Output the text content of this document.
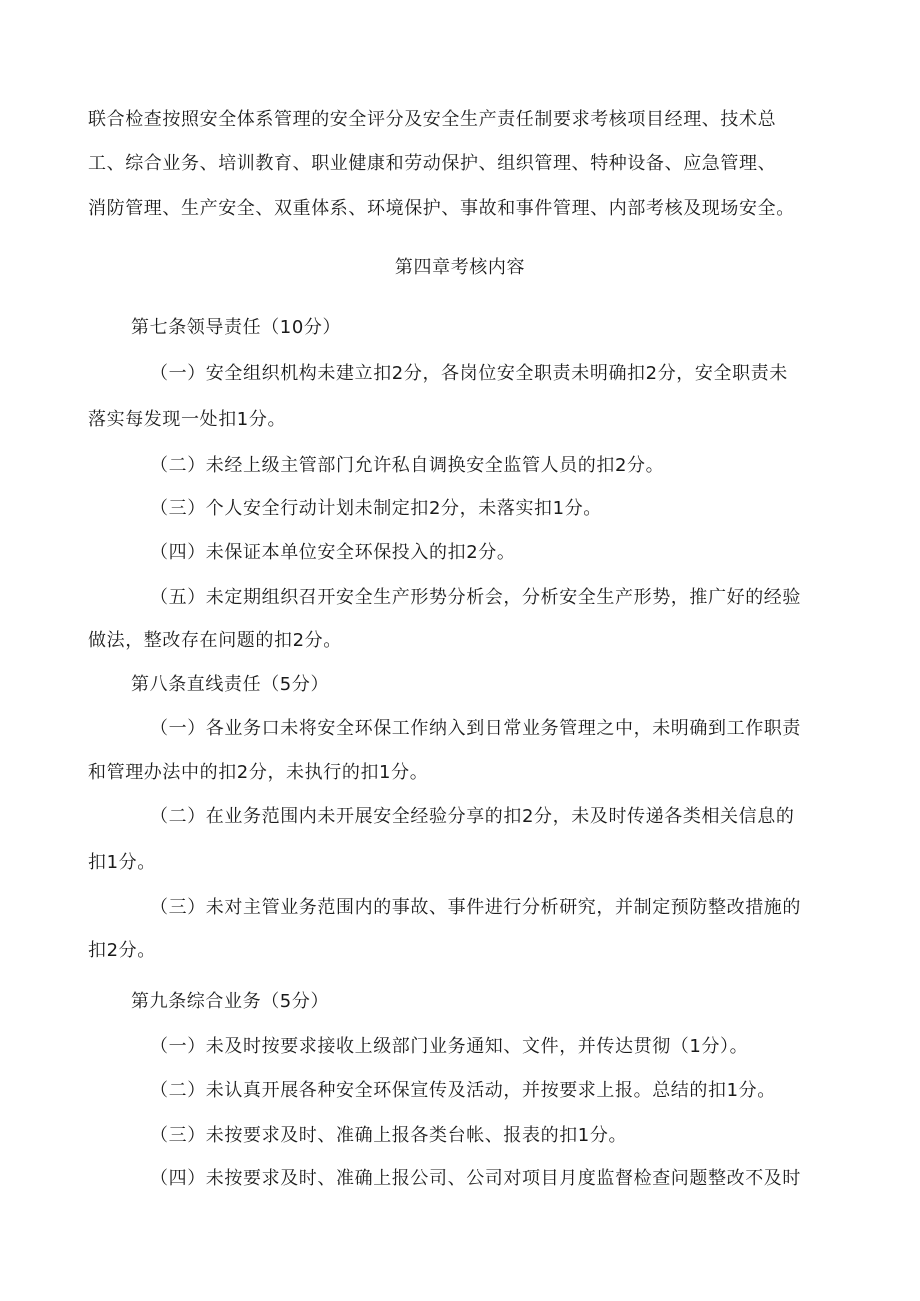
联合检查按照安全体系管理的安全评分及安全生产责任制要求考核项目经理、技术总
工、综合业务、培训教育、职业健康和劳动保护、组织管理、特种设备、应急管理、
消防管理、生产安全、双重体系、环境保护、事故和事件管理、内部考核及现场安全。
第四章考核内容
第七条领导责任（10分）
（一）安全组织机构未建立扣2分，各岗位安全职责未明确扣2分，安全职责未
落实每发现一处扣1分。
（二）未经上级主管部门允许私自调换安全监管人员的扣2分。
（三）个人安全行动计划未制定扣2分，未落实扣1分。
（四）未保证本单位安全环保投入的扣2分。
（五）未定期组织召开安全生产形势分析会，分析安全生产形势，推广好的经验
做法，整改存在问题的扣2分。
第八条直线责任（5分）
（一）各业务口未将安全环保工作纳入到日常业务管理之中，未明确到工作职责
和管理办法中的扣2分，未执行的扣1分。
（二）在业务范围内未开展安全经验分享的扣2分，未及时传递各类相关信息的
扣1分。
（三）未对主管业务范围内的事故、事件进行分析研究，并制定预防整改措施的
扣2分。
第九条综合业务（5分）
（一）未及时按要求接收上级部门业务通知、文件，并传达贯彻（1分）。
（二）未认真开展各种安全环保宣传及活动，并按要求上报。总结的扣1分。
（三）未按要求及时、准确上报各类台帐、报表的扣1分。
（四）未按要求及时、准确上报公司、公司对项目月度监督检查问题整改不及时
